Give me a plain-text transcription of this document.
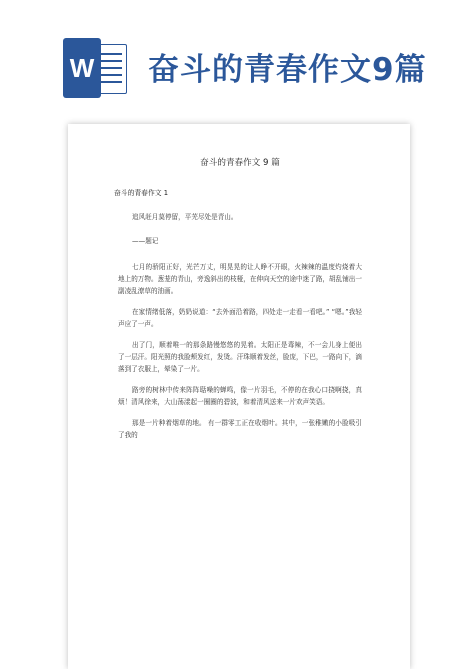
W 奋斗的青春作文9篇
奋斗的青春作文 9 篇
奋斗的青春作文 1

追风赶月莫停留，平芜尽处是青山。

——题记

七月的骄阳正好，光芒万丈，明晃晃的让人睁不开眼，火辣辣的温度灼烧着大地上的万物。葱茏的青山，旁逸斜出的枝桠，在伸向天空的途中迷了路，胡乱铺出一副凌乱潦草的油画。

在家情绪低落，奶奶说道：“去外面沿着路，四处走一走看一看吧。” “嗯。”我轻声应了一声。

出了门，顺着唯一的那条路慢悠悠的晃着。太阳正是毒辣，不一会儿身上便出了一层汗。阳光照的我脸颊发红，发烫。汗珠顺着发丝，脸庞，下巴，一路向下，滴落到了衣服上，晕染了一片。

路旁的树林中传来阵阵聒噪的蝉鸣，像一片羽毛，不停的在我心口挠啊挠，真烦！清风徐来，大山荡漾起一圈圈的碧波，和着清风送来一片欢声笑语。

那是一片种着烟草的地。 有一群零工正在收烟叶。其中，一张稚嫩的小脸吸引了我的
